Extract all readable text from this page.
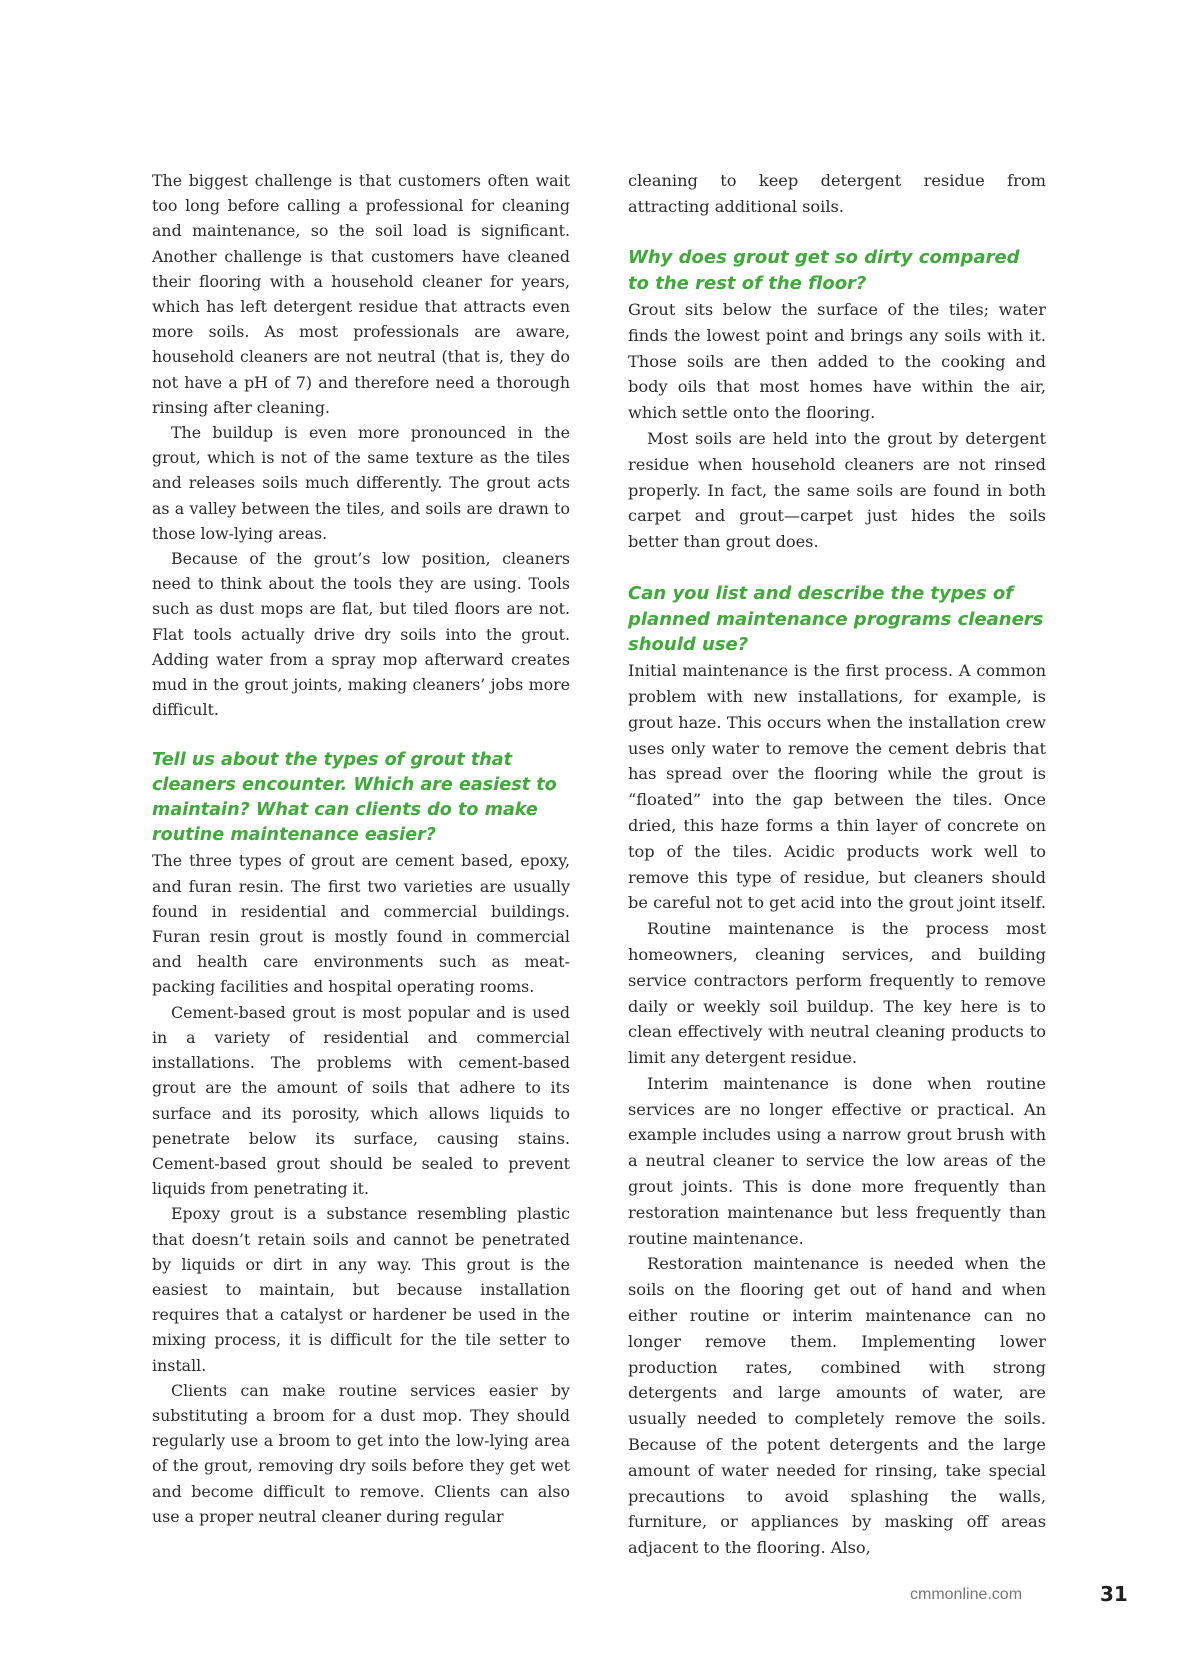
The biggest challenge is that customers often wait too long before calling a professional for cleaning and maintenance, so the soil load is significant. Another challenge is that customers have cleaned their flooring with a household cleaner for years, which has left detergent residue that attracts even more soils. As most professionals are aware, household cleaners are not neutral (that is, they do not have a pH of 7) and therefore need a thorough rinsing after cleaning.

The buildup is even more pronounced in the grout, which is not of the same texture as the tiles and releases soils much differently. The grout acts as a valley between the tiles, and soils are drawn to those low-lying areas.

Because of the grout’s low position, cleaners need to think about the tools they are using. Tools such as dust mops are flat, but tiled floors are not. Flat tools actually drive dry soils into the grout. Adding water from a spray mop afterward creates mud in the grout joints, making cleaners’ jobs more difficult.

Tell us about the types of grout that cleaners encounter. Which are easiest to maintain? What can clients do to make routine maintenance easier?

The three types of grout are cement based, epoxy, and furan resin. The first two varieties are usually found in residential and commercial buildings. Furan resin grout is mostly found in commercial and health care environments such as meat-packing facilities and hospital operating rooms.

Cement-based grout is most popular and is used in a variety of residential and commercial installations. The problems with cement-based grout are the amount of soils that adhere to its surface and its porosity, which allows liquids to penetrate below its surface, causing stains. Cement-based grout should be sealed to prevent liquids from penetrating it.

Epoxy grout is a substance resembling plastic that doesn’t retain soils and cannot be penetrated by liquids or dirt in any way. This grout is the easiest to maintain, but because installation requires that a catalyst or hardener be used in the mixing process, it is difficult for the tile setter to install.

Clients can make routine services easier by substituting a broom for a dust mop. They should regularly use a broom to get into the low-lying area of the grout, removing dry soils before they get wet and become difficult to remove. Clients can also use a proper neutral cleaner during regular

cleaning to keep detergent residue from attracting additional soils.

Why does grout get so dirty compared to the rest of the floor?

Grout sits below the surface of the tiles; water finds the lowest point and brings any soils with it. Those soils are then added to the cooking and body oils that most homes have within the air, which settle onto the flooring.

Most soils are held into the grout by detergent residue when household cleaners are not rinsed properly. In fact, the same soils are found in both carpet and grout—carpet just hides the soils better than grout does.

Can you list and describe the types of planned maintenance programs cleaners should use?

Initial maintenance is the first process. A common problem with new installations, for example, is grout haze. This occurs when the installation crew uses only water to remove the cement debris that has spread over the flooring while the grout is “floated” into the gap between the tiles. Once dried, this haze forms a thin layer of concrete on top of the tiles. Acidic products work well to remove this type of residue, but cleaners should be careful not to get acid into the grout joint itself.

Routine maintenance is the process most homeowners, cleaning services, and building service contractors perform frequently to remove daily or weekly soil buildup. The key here is to clean effectively with neutral cleaning products to limit any detergent residue.

Interim maintenance is done when routine services are no longer effective or practical. An example includes using a narrow grout brush with a neutral cleaner to service the low areas of the grout joints. This is done more frequently than restoration maintenance but less frequently than routine maintenance.

Restoration maintenance is needed when the soils on the flooring get out of hand and when either routine or interim maintenance can no longer remove them. Implementing lower production rates, combined with strong detergents and large amounts of water, are usually needed to completely remove the soils. Because of the potent detergents and the large amount of water needed for rinsing, take special precautions to avoid splashing the walls, furniture, or appliances by masking off areas adjacent to the flooring. Also,

cmmonline.com	31
